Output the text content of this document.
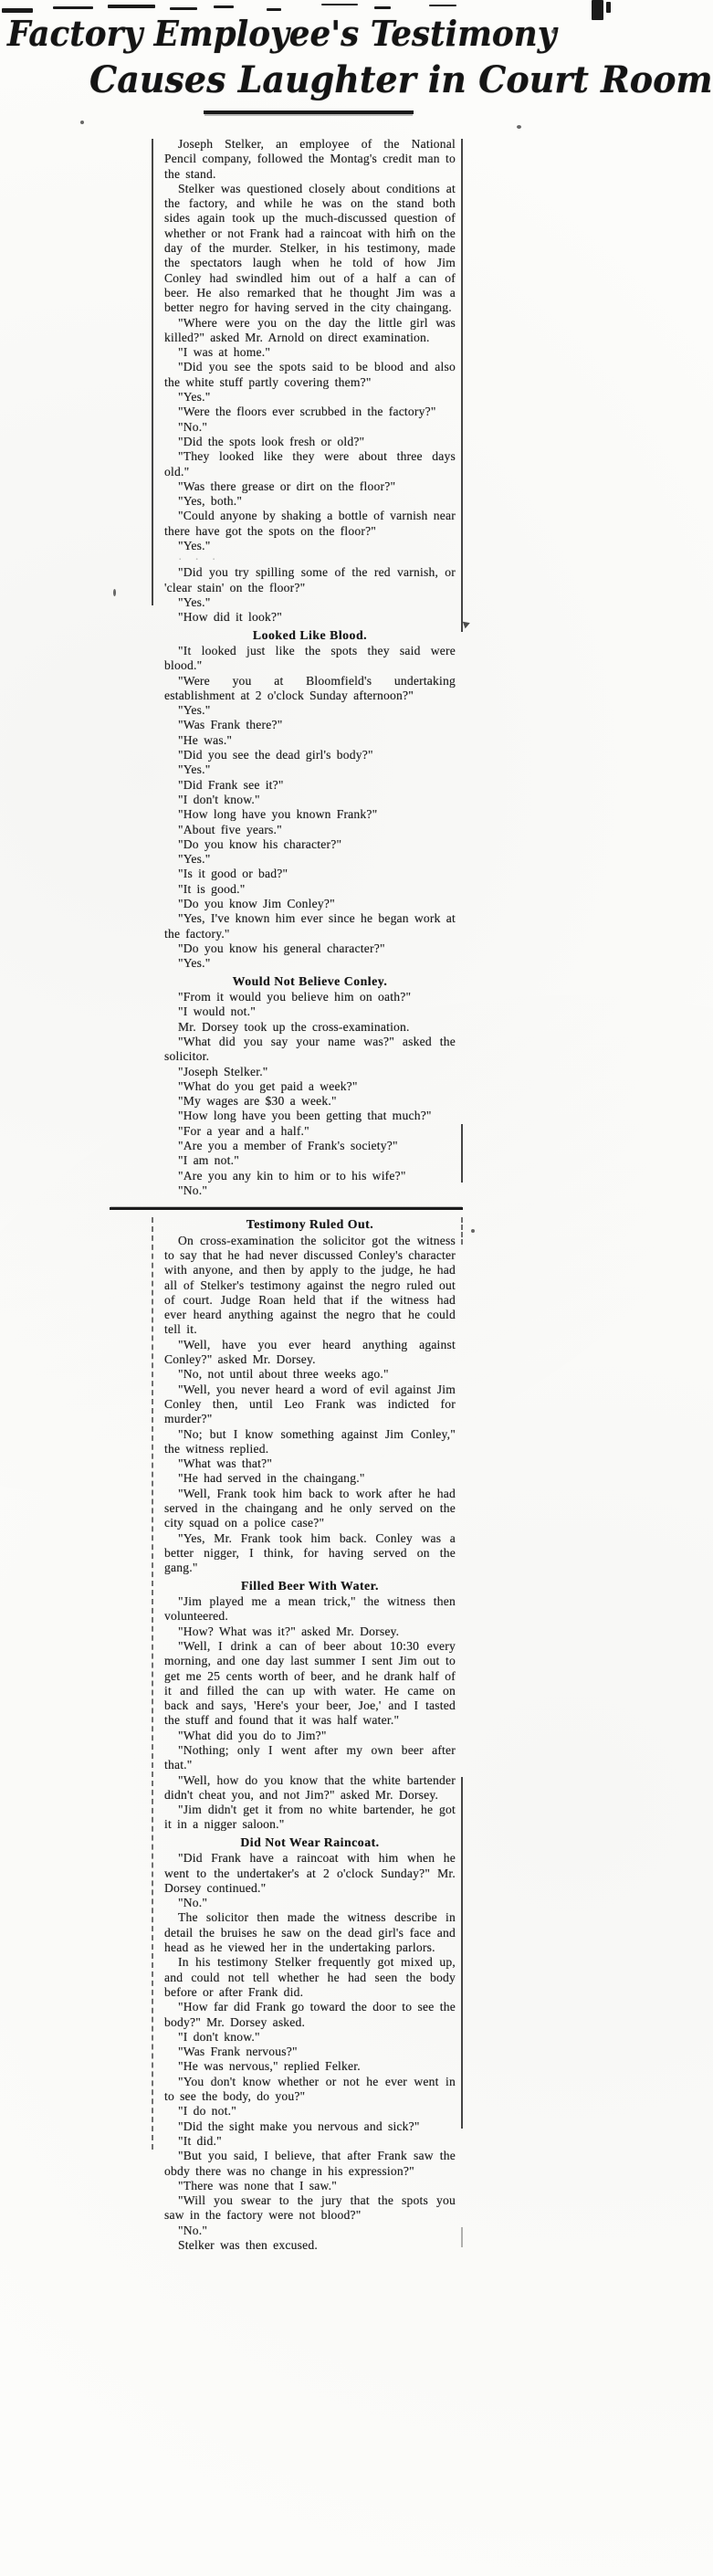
Factory Employee's Testimony
Causes Laughter in Court Room

Joseph Stelker, an employee of the National Pencil company, followed the Montag's credit man to the stand.

Stelker was questioned closely about conditions at the factory, and while he was on the stand both sides again took up the much-discussed question of whether or not Frank had a raincoat with him on the day of the murder. Stelker, in his testimony, made the spectators laugh when he told of how Jim Conley had swindled him out of a half a can of beer. He also remarked that he thought Jim was a better negro for having served in the city chaingang.

"Where were you on the day the little girl was killed?" asked Mr. Arnold on direct examination.

"I was at home."

"Did you see the spots said to be blood and also the white stuff partly covering them?"

"Yes."

"Were the floors ever scrubbed in the factory?"

"No."

"Did the spots look fresh or old?"

"They looked like they were about three days old."

"Was there grease or dirt on the floor?"

"Yes, both."

"Could anyone by shaking a bottle of varnish near there have got the spots on the floor?"

"Yes."

· · ·

"Did you try spilling some of the red varnish, or 'clear stain' on the floor?"

"Yes."

"How did it look?"

Looked Like Blood.

"It looked just like the spots they said were blood."

"Were you at Bloomfield's undertaking establishment at 2 o'clock Sunday afternoon?"

"Yes."

"Was Frank there?"

"He was."

"Did you see the dead girl's body?"

"Yes."

"Did Frank see it?"

"I don't know."

"How long have you known Frank?"

"About five years."

"Do you know his character?"

"Yes."

"Is it good or bad?"

"It is good."

"Do you know Jim Conley?"

"Yes, I've known him ever since he began work at the factory."

"Do you know his general character?"

"Yes."

Would Not Believe Conley.

"From it would you believe him on oath?"

"I would not."

Mr. Dorsey took up the cross-examination.

"What did you say your name was?" asked the solicitor.

"Joseph Stelker."

"What do you get paid a week?"

"My wages are $30 a week."

"How long have you been getting that much?"

"For a year and a half."

"Are you a member of Frank's society?"

"I am not."

"Are you any kin to him or to his wife?"

"No."

Testimony Ruled Out.

On cross-examination the solicitor got the witness to say that he had never discussed Conley's character with anyone, and then by apply to the judge, he had all of Stelker's testimony against the negro ruled out of court. Judge Roan held that if the witness had ever heard anything against the negro that he could tell it.

"Well, have you ever heard anything against Conley?" asked Mr. Dorsey.

"No, not until about three weeks ago."

"Well, you never heard a word of evil against Jim Conley then, until Leo Frank was indicted for murder?"

"No; but I know something against Jim Conley," the witness replied.

"What was that?"

"He had served in the chaingang."

"Well, Frank took him back to work after he had served in the chaingang and he only served on the city squad on a police case?"

"Yes, Mr. Frank took him back. Conley was a better nigger, I think, for having served on the gang."

Filled Beer With Water.

"Jim played me a mean trick," the witness then volunteered.

"How? What was it?" asked Mr. Dorsey.

"Well, I drink a can of beer about 10:30 every morning, and one day last summer I sent Jim out to get me 25 cents worth of beer, and he drank half of it and filled the can up with water. He came on back and says, 'Here's your beer, Joe,' and I tasted the stuff and found that it was half water."

"What did you do to Jim?"

"Nothing; only I went after my own beer after that."

"Well, how do you know that the white bartender didn't cheat you, and not Jim?" asked Mr. Dorsey.

"Jim didn't get it from no white bartender, he got it in a nigger saloon."

Did Not Wear Raincoat.

"Did Frank have a raincoat with him when he went to the undertaker's at 2 o'clock Sunday?" Mr. Dorsey continued."

"No."

The solicitor then made the witness describe in detail the bruises he saw on the dead girl's face and head as he viewed her in the undertaking parlors.

In his testimony Stelker frequently got mixed up, and could not tell whether he had seen the body before or after Frank did.

"How far did Frank go toward the door to see the body?" Mr. Dorsey asked.

"I don't know."

"Was Frank nervous?"

"He was nervous," replied Felker.

"You don't know whether or not he ever went in to see the body, do you?"

"I do not."

"Did the sight make you nervous and sick?"

"It did."

"But you said, I believe, that after Frank saw the obdy there was no change in his expression?"

"There was none that I saw."

"Will you swear to the jury that the spots you saw in the factory were not blood?"

"No."

Stelker was then excused.
